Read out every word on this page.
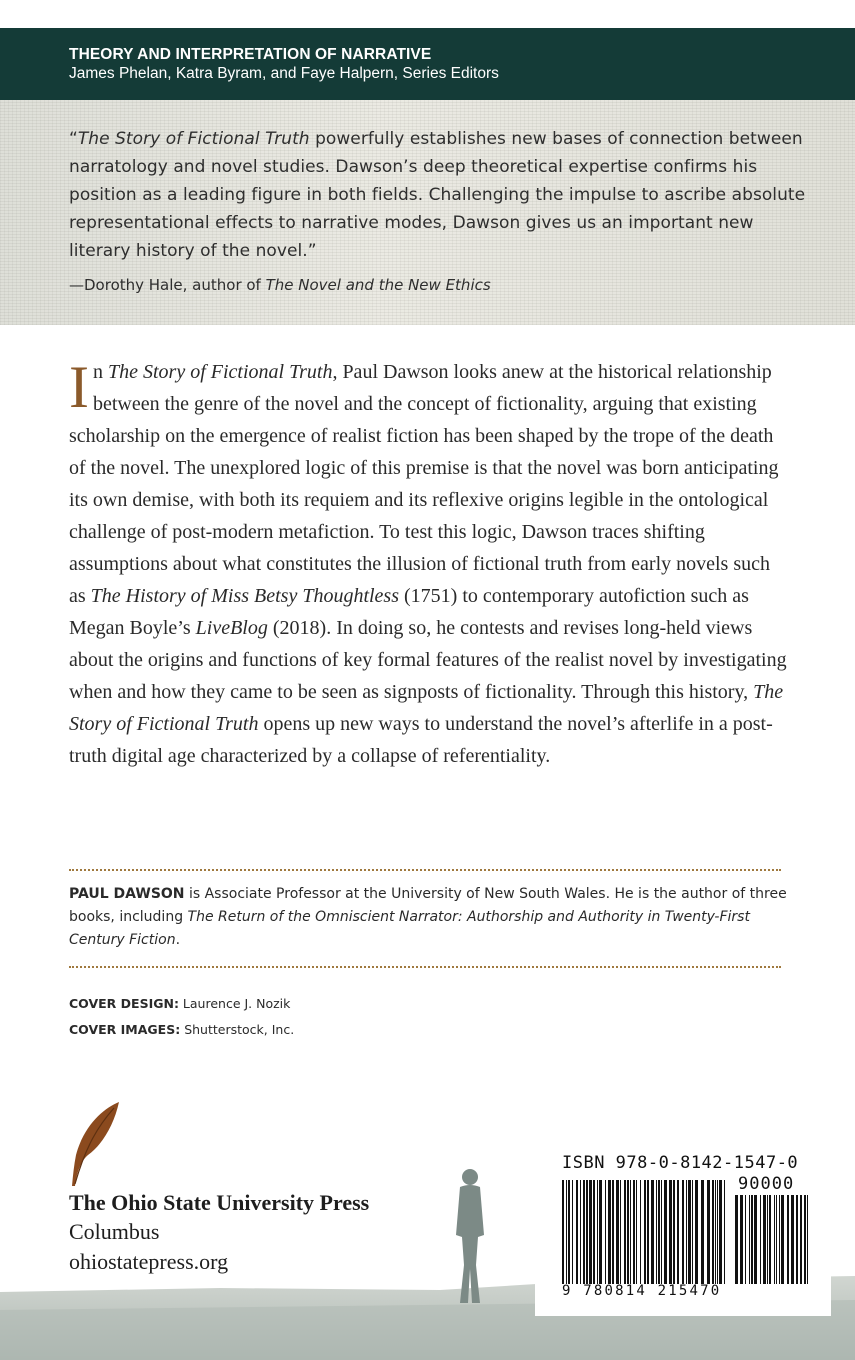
THEORY AND INTERPRETATION OF NARRATIVE
James Phelan, Katra Byram, and Faye Halpern, Series Editors

“The Story of Fictional Truth powerfully establishes new bases of connection between narratology and novel studies. Dawson’s deep theoretical expertise confirms his position as a leading figure in both fields. Challenging the impulse to ascribe absolute representational effects to narrative modes, Dawson gives us an important new literary history of the novel.”

—Dorothy Hale, author of The Novel and the New Ethics

In The Story of Fictional Truth, Paul Dawson looks anew at the historical relationship between the genre of the novel and the concept of fictionality, arguing that existing scholarship on the emergence of realist fiction has been shaped by the trope of the death of the novel. The unexplored logic of this premise is that the novel was born anticipating its own demise, with both its requiem and its reflexive origins legible in the ontological challenge of post-modern metafiction. To test this logic, Dawson traces shifting assumptions about what constitutes the illusion of fictional truth from early novels such as The History of Miss Betsy Thoughtless (1751) to contemporary autofiction such as Megan Boyle’s LiveBlog (2018). In doing so, he contests and revises long-held views about the origins and functions of key formal features of the realist novel by investigating when and how they came to be seen as signposts of fictionality. Through this history, The Story of Fictional Truth opens up new ways to understand the novel’s afterlife in a post-truth digital age characterized by a collapse of referentiality.

PAUL DAWSON is Associate Professor at the University of New South Wales. He is the author of three books, including The Return of the Omniscient Narrator: Authorship and Authority in Twenty-First Century Fiction.

COVER DESIGN: Laurence J. Nozik
COVER IMAGES: Shutterstock, Inc.
The Ohio State University Press
Columbus
ohiostatepress.org
ISBN 978-0-8142-1547-0
90000
9 780814 215470
